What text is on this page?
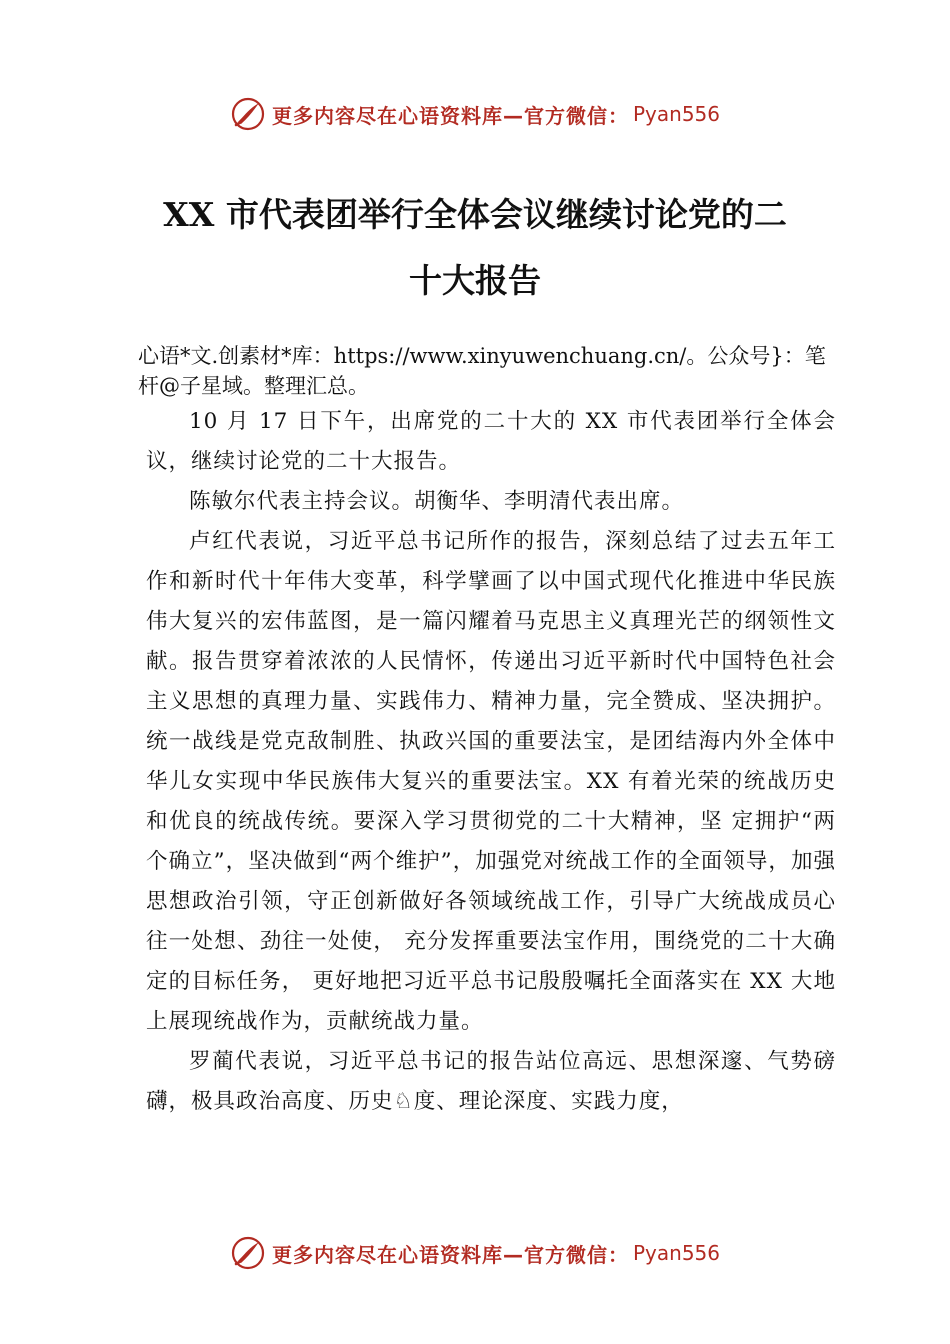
更多内容尽在心语资料库—官方微信： Pyan556
XX 市代表团举行全体会议继续讨论党的二
十大报告
心语*文.创素材*库：https://www.xinyuwenchuang.cn/。公众号}：笔杆@子星域。整理汇总。

10 月 17 日下午，出席党的二十大的 XX 市代表团举行全体会议，继续讨论党的二十大报告。

陈敏尔代表主持会议。胡衡华、李明清代表出席。

卢红代表说，习近平总书记所作的报告，深刻总结了过去五年工作和新时代十年伟大变革，科学擘画了以中国式现代化推进中华民族伟大复兴的宏伟蓝图，是一篇闪耀着马克思主义真理光芒的纲领性文献。报告贯穿着浓浓的人民情怀，传递出习近平新时代中国特色社会主义思想的真理力量、实践伟力、精神力量，完全赞成、坚决拥护。统一战线是党克敌制胜、执政兴国的重要法宝，是团结海内外全体中华儿女实现中华民族伟大复兴的重要法宝。XX 有着光荣的统战历史和优良的统战传统。要深入学习贯彻党的二十大精神，坚 定拥护“两个确立”，坚决做到“两个维护”，加强党对统战工作的全面领导，加强思想政治引领，守正创新做好各领域统战工作，引导广大统战成员心往一处想、劲往一处使， 充分发挥重要法宝作用，围绕党的二十大确定的目标任务， 更好地把习近平总书记殷殷嘱托全面落实在 XX 大地上展现统战作为，贡献统战力量。

罗蔺代表说，习近平总书记的报告站位高远、思想深邃、气势磅礴，极具政治高度、历史♘度、理论深度、实践力度，

更多内容尽在心语资料库—官方微信： Pyan556
